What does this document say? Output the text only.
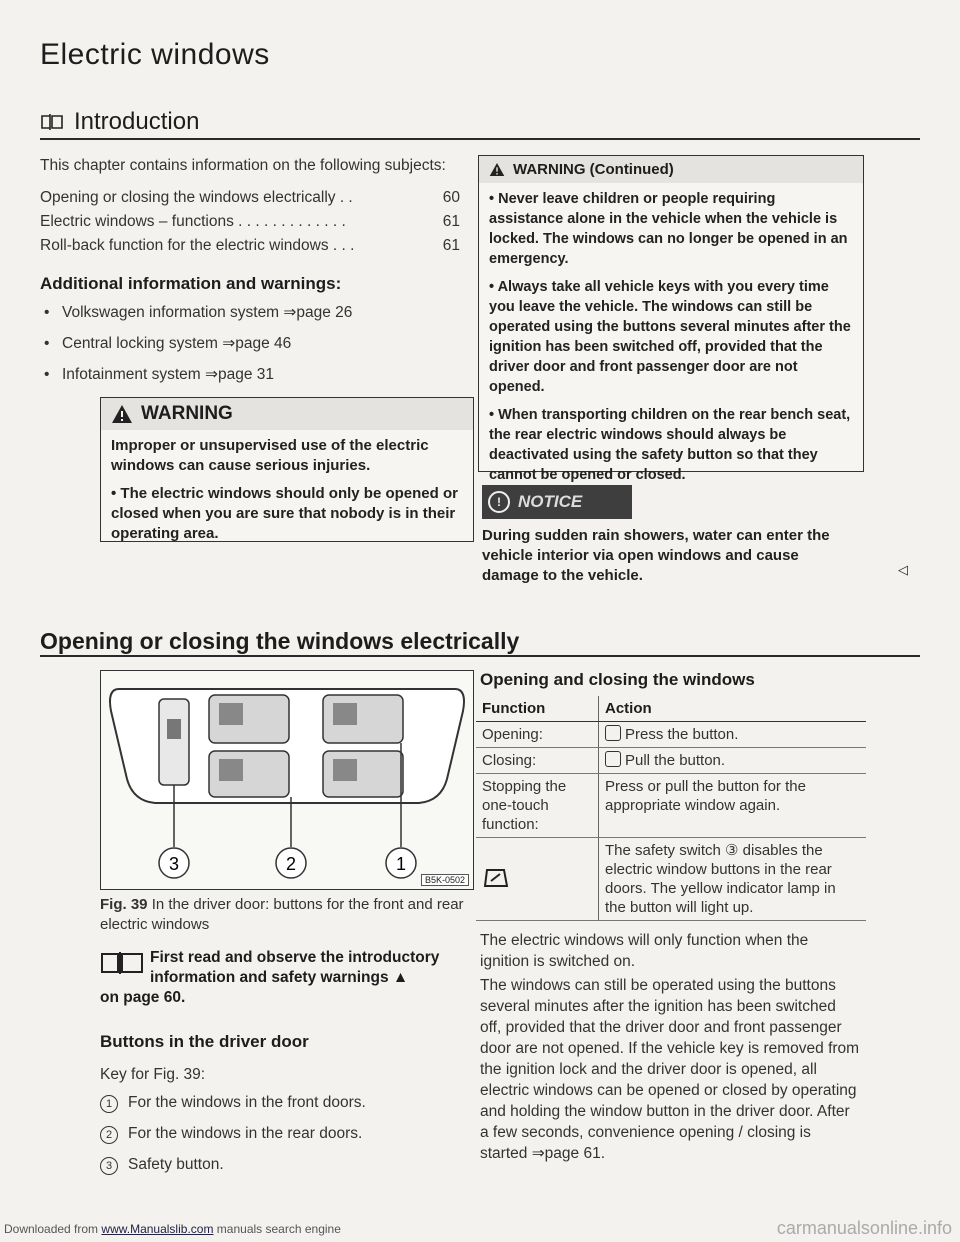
Electric windows
Introduction

This chapter contains information on the following subjects:

Opening or closing the windows electrically . .	60
Electric windows – functions . . . . . . . . . . . . .	61
Roll-back function for the electric windows . . .	61
Additional information and warnings:
• Volkswagen information system ⇒page 26
• Central locking system ⇒page 46
• Infotainment system ⇒page 31
WARNING

Improper or unsupervised use of the electric windows can cause serious injuries.

• The electric windows should only be opened or closed when you are sure that nobody is in their operating area.

WARNING (Continued)

• Never leave children or people requiring assistance alone in the vehicle when the vehicle is locked. The windows can no longer be opened in an emergency.

• Always take all vehicle keys with you every time you leave the vehicle. The windows can still be operated using the buttons several minutes after the ignition has been switched off, provided that the driver door and front passenger door are not opened.

• When transporting children on the rear bench seat, the rear electric windows should always be deactivated using the safety button so that they cannot be opened or closed.

!	NOTICE

During sudden rain showers, water can enter the vehicle interior via open windows and cause damage to the vehicle.	◁
Opening or closing the windows electrically
3	2	1
B5K-0502

Fig. 39 In the driver door: buttons for the front and rear electric windows

First read and observe the introductory information and safety warnings ▲

on page 60.

Buttons in the driver door

Key for Fig. 39:

1	For the windows in the front doors.
2	For the windows in the rear doors.
3	Safety button.
Opening and closing the windows
Function	Action
Opening:	Press the button.
Closing:	Pull the button.
Stopping the one-touch function:	Press or pull the button for the appropriate window again.
	The safety switch ③ disables the electric window buttons in the rear doors. The yellow indicator lamp in the button will light up.

The electric windows will only function when the ignition is switched on.

The windows can still be operated using the buttons several minutes after the ignition has been switched off, provided that the driver door and front passenger door are not opened. If the vehicle key is removed from the ignition lock and the driver door is opened, all electric windows can be opened or closed by operating and holding the window button in the driver door. After a few seconds, convenience opening / closing is started ⇒page 61.

Downloaded from www.Manualslib.com manuals search engine	carmanualsonline.info
